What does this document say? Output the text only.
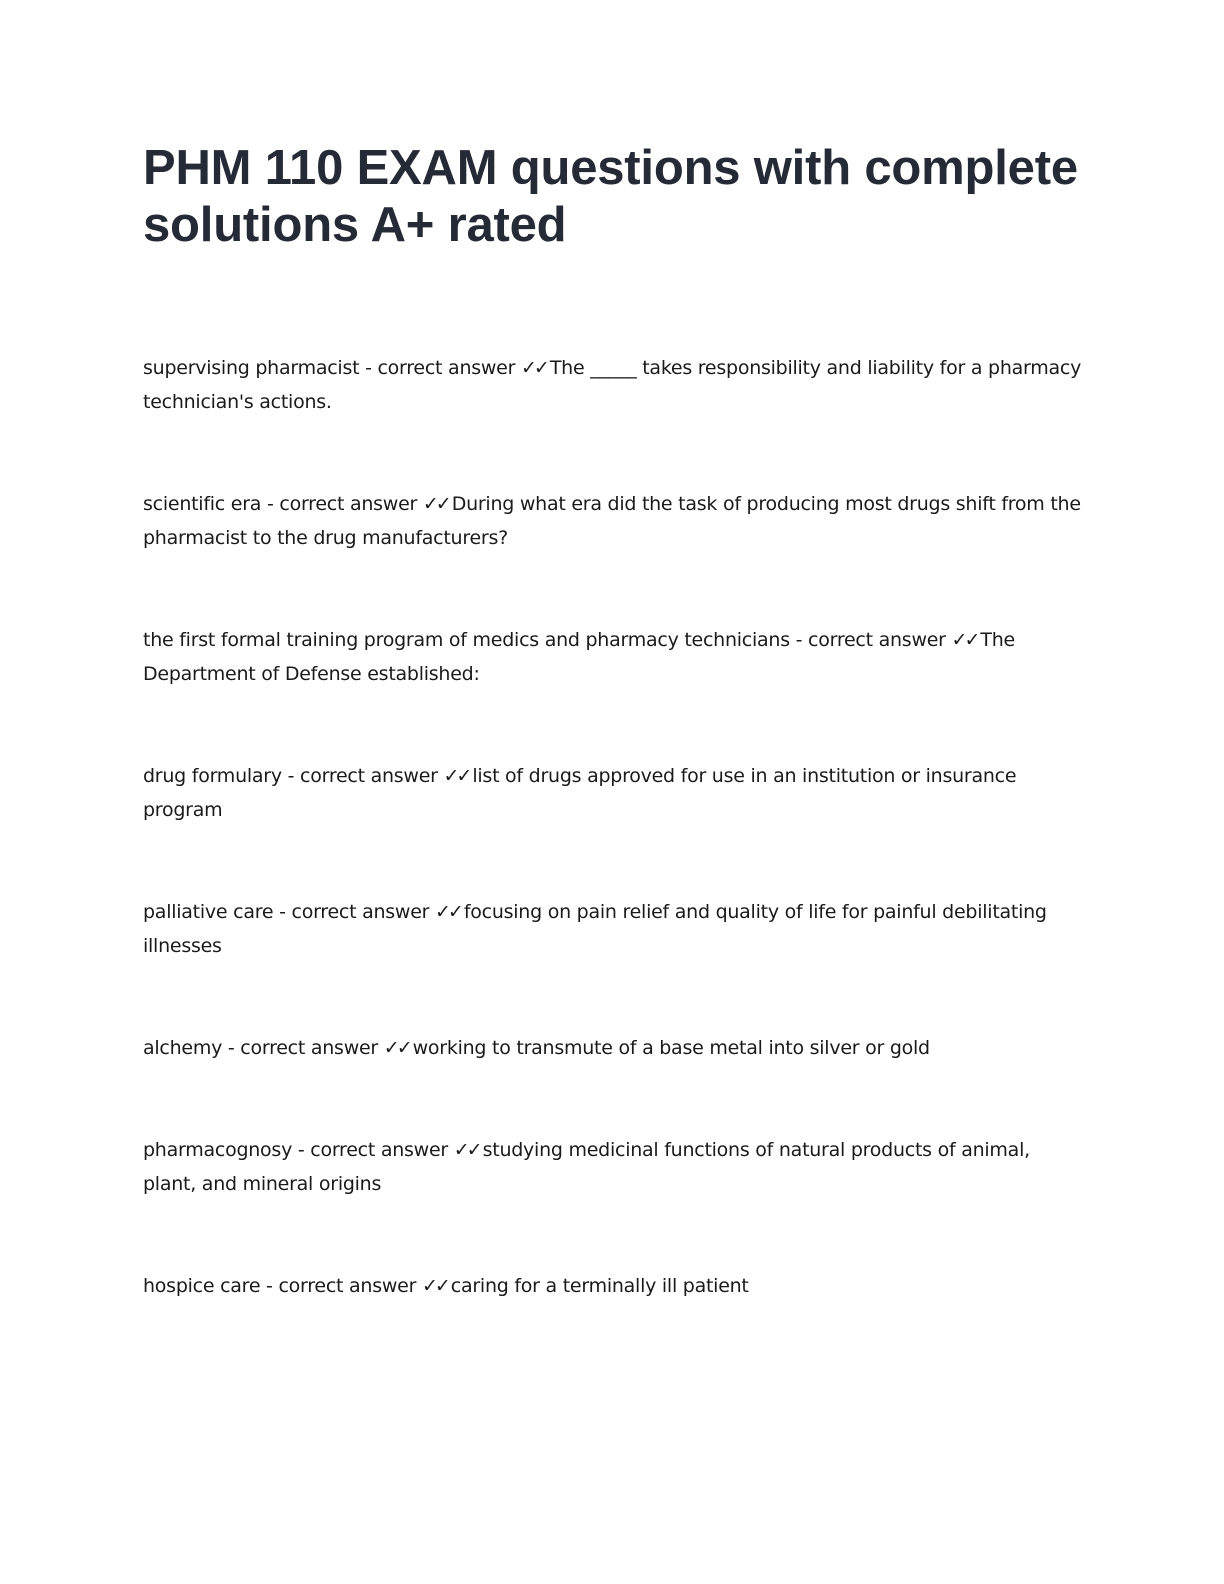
PHM 110 EXAM questions with complete solutions A+ rated

supervising pharmacist - correct answer ✓✓ The _____ takes responsibility and liability for a pharmacy technician's actions.

scientific era - correct answer ✓✓ During what era did the task of producing most drugs shift from the pharmacist to the drug manufacturers?

the first formal training program of medics and pharmacy technicians - correct answer ✓✓ The Department of Defense established:

drug formulary - correct answer ✓✓ list of drugs approved for use in an institution or insurance program

palliative care - correct answer ✓✓ focusing on pain relief and quality of life for painful debilitating illnesses

alchemy - correct answer ✓✓ working to transmute of a base metal into silver or gold

pharmacognosy - correct answer ✓✓ studying medicinal functions of natural products of animal, plant, and mineral origins

hospice care - correct answer ✓✓ caring for a terminally ill patient
